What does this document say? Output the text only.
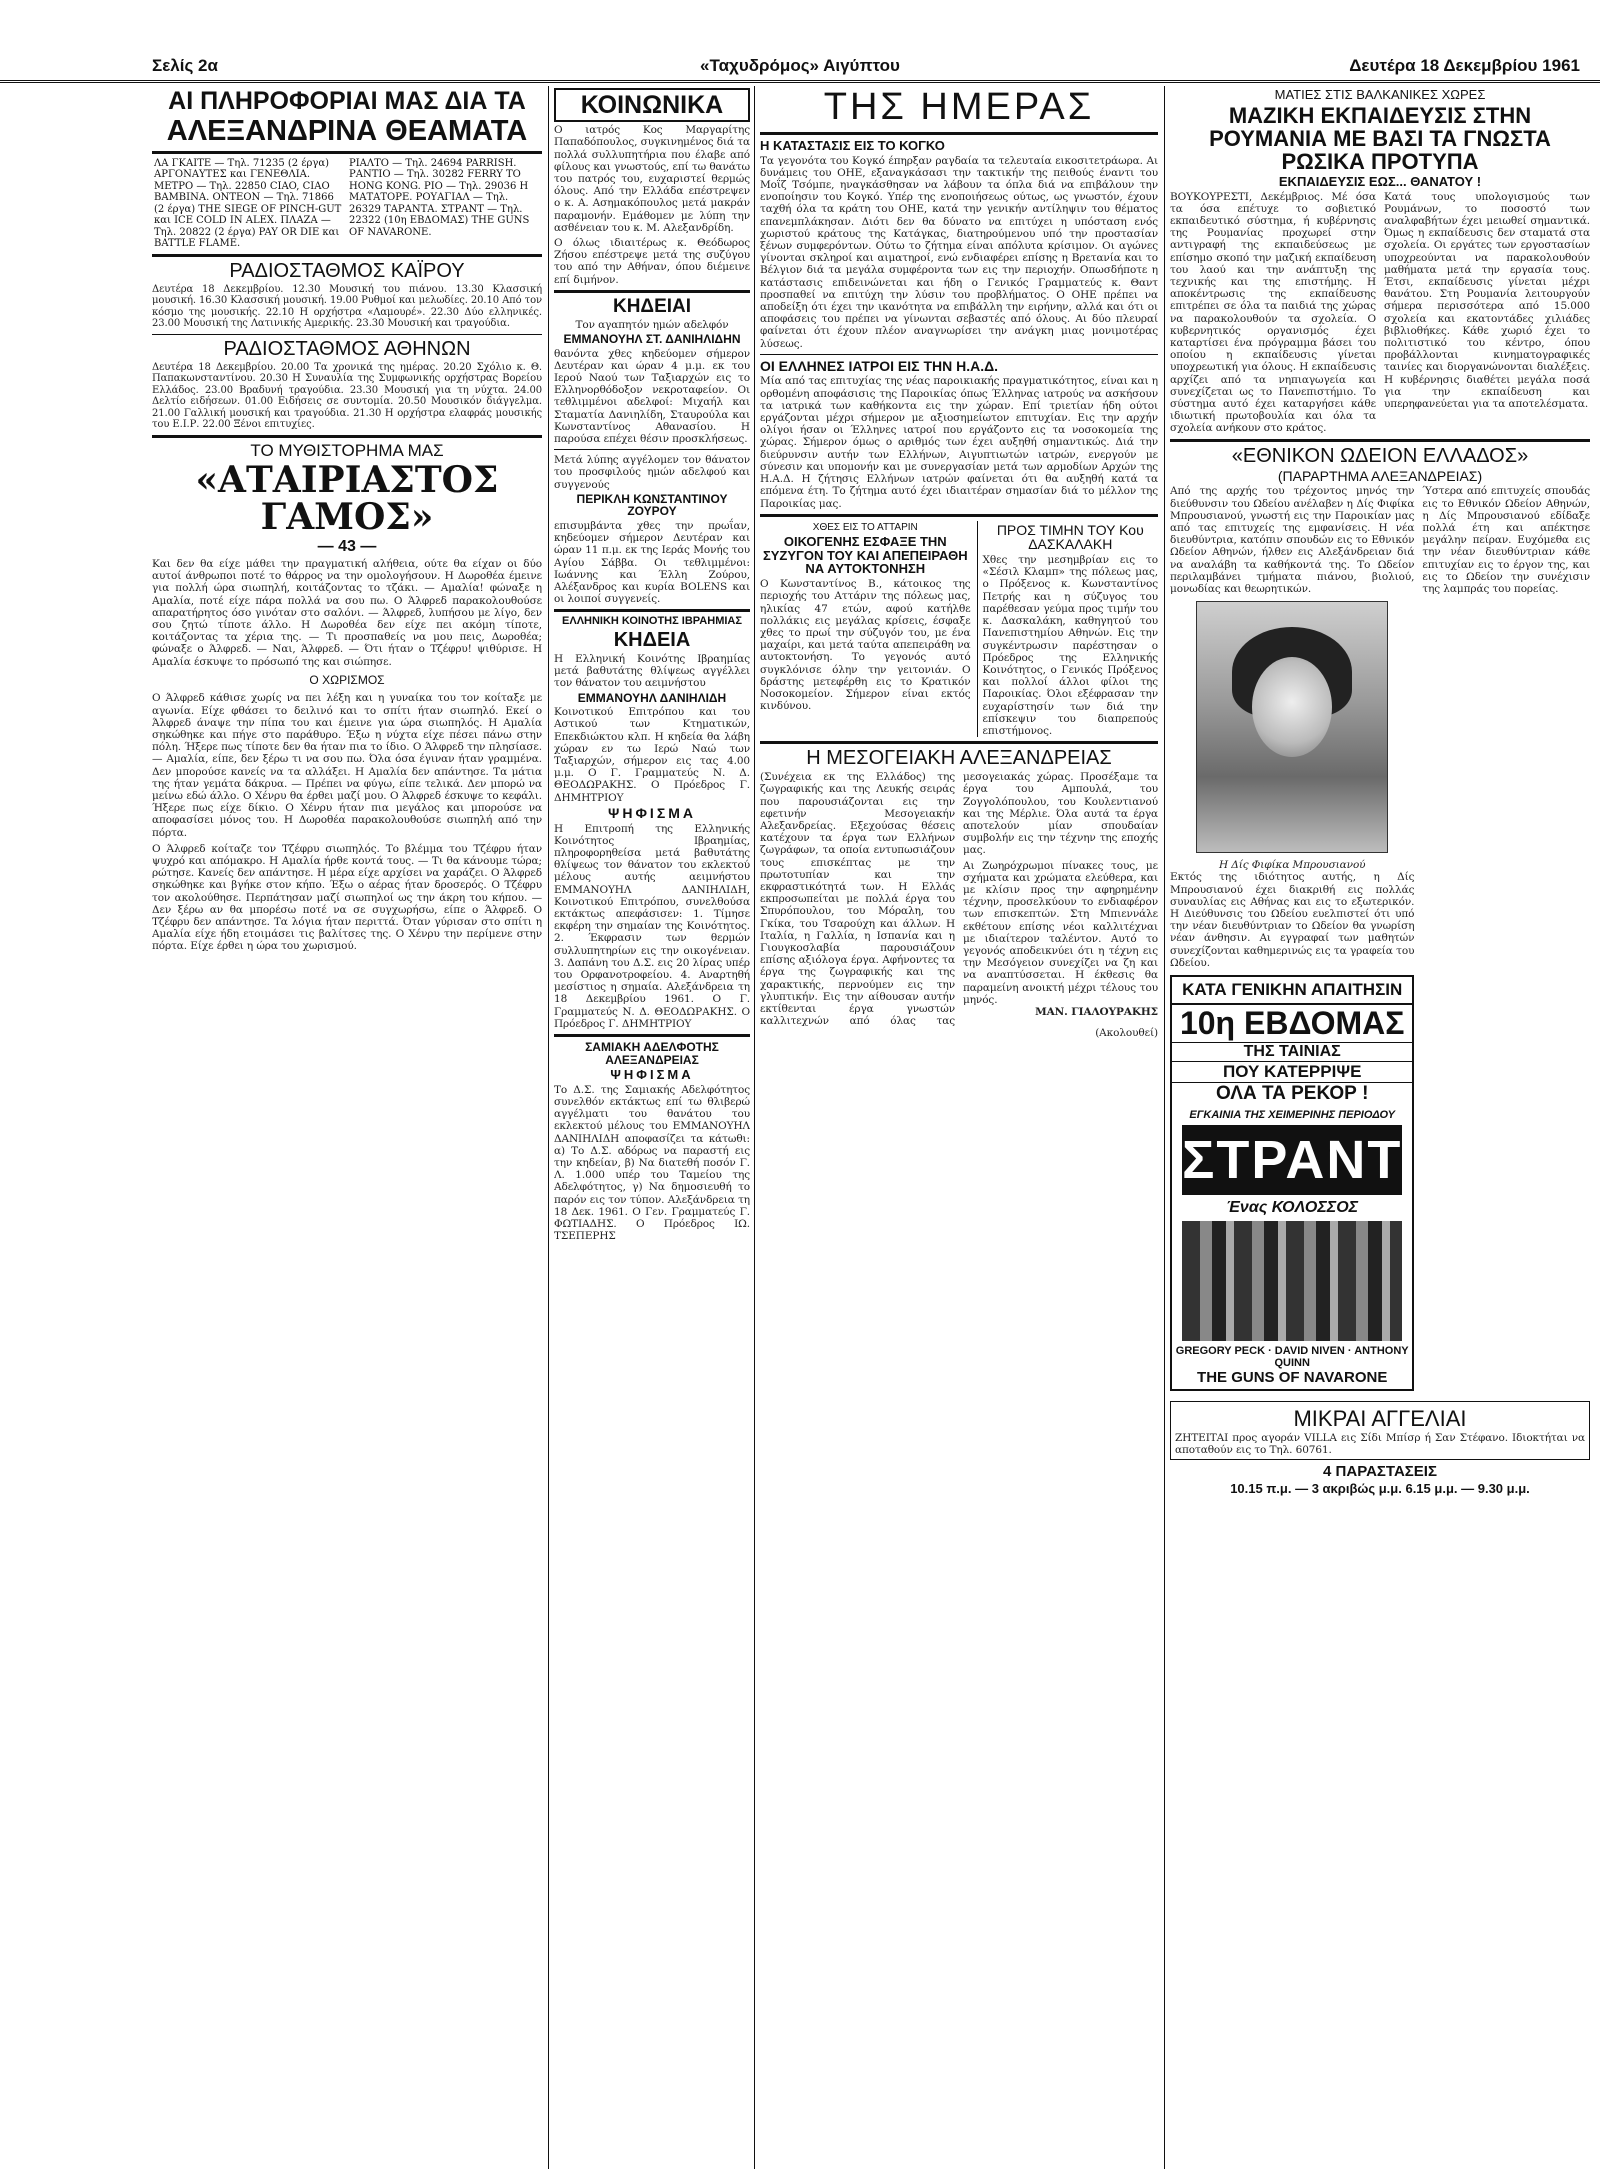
Σελίς 2α	«Ταχυδρόμος» Αιγύπτου	Δευτέρα 18 Δεκεμβρίου 1961
ΑΙ ΠΛΗΡΟΦΟΡΙΑΙ ΜΑΣ ΔΙΑ ΤΑ
ΑΛΕΞΑΝΔΡΙΝΑ ΘΕΑΜΑΤΑ
ΛΑ ΓΚΑΙΤΕ — Τηλ. 71235 (2 έργα) ΑΡΓΟΝΑΥΤΕΣ και ΓΕΝΕΘΛΙΑ. ΜΕΤΡΟ — Τηλ. 22850 CIAO, CIAO BAMBINA. ΟΝΤΕΟΝ — Τηλ. 71866 (2 έργα) THE SIEGE OF PINCH-GUT και ICE COLD IN ALEX. ΠΛΑΖΑ — Τηλ. 20822 (2 έργα) PAY OR DIE και BATTLE FLAME.	ΡΙΑΛΤΟ — Τηλ. 24694 PARRISH. ΡΑΝΤΙΟ — Τηλ. 30282 FERRY TO HONG KONG. ΡΙΟ — Τηλ. 29036 Η ΜΑΤΑΤΟΡΕ. ΡΟΥΑΓΙΑΛ — Τηλ. 26329 ΤΑΡΑΝΤΑ. ΣΤΡΑΝΤ — Τηλ. 22322 (10η ΕΒΔΟΜΑΣ) THE GUNS OF NAVARONE.
ΡΑΔΙΟΣΤΑΘΜΟΣ ΚΑΪΡΟΥ

Δευτέρα 18 Δεκεμβρίου. 12.30 Μουσική του πιάνου. 13.30 Κλασσική μουσική. 16.30 Κλασσική μουσική. 19.00 Ρυθμοί και μελωδίες. 20.10 Από τον κόσμο της μουσικής. 22.10 Η ορχήστρα «Λαμουρέ». 22.30 Δύο ελληνικές. 23.00 Μουσική της Λατινικής Αμερικής. 23.30 Μουσική και τραγούδια.

ΡΑΔΙΟΣΤΑΘΜΟΣ ΑΘΗΝΩΝ

Δευτέρα 18 Δεκεμβρίου. 20.00 Τα χρονικά της ημέρας. 20.20 Σχόλιο κ. Θ. Παπακωνσταντίνου. 20.30 Η Συναυλία της Συμφωνικής ορχήστρας Βορείου Ελλάδος. 23.00 Βραδυνή τραγούδια. 23.30 Μουσική για τη νύχτα. 24.00 Δελτίο ειδήσεων. 01.00 Ειδήσεις σε συντομία. 20.50 Μουσικόν διάγγελμα. 21.00 Γαλλική μουσική και τραγούδια. 21.30 Η ορχήστρα ελαφράς μουσικής του Ε.Ι.Ρ. 22.00 Ξένοι επιτυχίες.

ΤΟ ΜΥΘΙΣΤΟΡΗΜΑ ΜΑΣ
«ΑΤΑΙΡΙΑΣΤΟΣ ΓΑΜΟΣ»
— 43 —

Και δεν θα είχε μάθει την πραγματική αλήθεια, ούτε θα είχαν οι δύο αυτοί άνθρωποι ποτέ το θάρρος να την ομολογήσουν. Η Δωροθέα έμεινε για πολλή ώρα σιωπηλή, κοιτάζοντας το τζάκι. — Αμαλία! φώναξε η Αμαλία, ποτέ είχε πάρα πολλά να σου πω. Ο Άλφρεδ παρακολουθούσε απαρατήρητος όσο γινόταν στο σαλόνι. — Άλφρεδ, λυπήσου με λίγο, δεν σου ζητώ τίποτε άλλο. Η Δωροθέα δεν είχε πει ακόμη τίποτε, κοιτάζοντας τα χέρια της. — Τι προσπαθείς να μου πεις, Δωροθέα; φώναξε ο Άλφρεδ. — Ναι, Άλφρεδ. — Ότι ήταν ο Τζέφρυ! ψιθύρισε. Η Αμαλία έσκυψε το πρόσωπό της και σιώπησε.

Ο ΧΩΡΙΣΜΟΣ

Ο Άλφρεδ κάθισε χωρίς να πει λέξη και η γυναίκα του τον κοίταξε με αγωνία. Είχε φθάσει το δειλινό και το σπίτι ήταν σιωπηλό. Εκεί ο Άλφρεδ άναψε την πίπα του και έμεινε για ώρα σιωπηλός. Η Αμαλία σηκώθηκε και πήγε στο παράθυρο. Έξω η νύχτα είχε πέσει πάνω στην πόλη. Ήξερε πως τίποτε δεν θα ήταν πια το ίδιο. Ο Άλφρεδ την πλησίασε. — Αμαλία, είπε, δεν ξέρω τι να σου πω. Όλα όσα έγιναν ήταν γραμμένα. Δεν μπορούσε κανείς να τα αλλάξει. Η Αμαλία δεν απάντησε. Τα μάτια της ήταν γεμάτα δάκρυα. — Πρέπει να φύγω, είπε τελικά. Δεν μπορώ να μείνω εδώ άλλο. Ο Χένρυ θα έρθει μαζί μου. Ο Άλφρεδ έσκυψε το κεφάλι. Ήξερε πως είχε δίκιο. Ο Χένρυ ήταν πια μεγάλος και μπορούσε να αποφασίσει μόνος του. Η Δωροθέα παρακολουθούσε σιωπηλή από την πόρτα.

Ο Άλφρεδ κοίταζε τον Τζέφρυ σιωπηλός. Το βλέμμα του Τζέφρυ ήταν ψυχρό και απόμακρο. Η Αμαλία ήρθε κοντά τους. — Τι θα κάνουμε τώρα; ρώτησε. Κανείς δεν απάντησε. Η μέρα είχε αρχίσει να χαράζει. Ο Άλφρεδ σηκώθηκε και βγήκε στον κήπο. Έξω ο αέρας ήταν δροσερός. Ο Τζέφρυ τον ακολούθησε. Περπάτησαν μαζί σιωπηλοί ως την άκρη του κήπου. — Δεν ξέρω αν θα μπορέσω ποτέ να σε συγχωρήσω, είπε ο Άλφρεδ. Ο Τζέφρυ δεν απάντησε. Τα λόγια ήταν περιττά. Όταν γύρισαν στο σπίτι η Αμαλία είχε ήδη ετοιμάσει τις βαλίτσες της. Ο Χένρυ την περίμενε στην πόρτα. Είχε έρθει η ώρα του χωρισμού.

ΚΟΙΝΩΝΙΚΑ

Ο ιατρός Κος Μαργαρίτης Παπαδόπουλος, συγκινημένος διά τα πολλά συλλυπητήρια που έλαβε από φίλους και γνωστούς, επί τω θανάτω του πατρός του, ευχαριστεί θερμώς όλους. Από την Ελλάδα επέστρεψεν ο κ. Α. Ασημακόπουλος μετά μακράν παραμονήν. Εμάθομεν με λύπη την ασθένειαν του κ. Μ. Αλεξανδρίδη.

Ο όλως ιδιαιτέρως κ. Θεόδωρος Ζήσου επέστρεψε μετά της συζύγου του από την Αθήναν, όπου διέμεινε επί διμήνον.

ΚΗΔΕΙΑΙ

Τον αγαπητόν ημών αδελφόν

ΕΜΜΑΝΟΥΗΛ ΣΤ. ΔΑΝΙΗΛΙΔΗΝ

θανόντα χθες κηδεύομεν σήμερον Δευτέραν και ώραν 4 μ.μ. εκ του Ιερού Ναού των Ταξιαρχών εις το Ελληνορθόδοξον νεκροταφείον. Οι τεθλιμμένοι αδελφοί: Μιχαήλ και Σταματία Δανιηλίδη, Σταυρούλα και Κωνσταντίνος Αθανασίου. Η παρούσα επέχει θέσιν προσκλήσεως.

Μετά λύπης αγγέλομεν τον θάνατον του προσφιλούς ημών αδελφού και συγγενούς

ΠΕΡΙΚΛΗ ΚΩΝΣΤΑΝΤΙΝΟΥ ΖΟΥΡΟΥ

επισυμβάντα χθες την πρωΐαν, κηδεύομεν σήμερον Δευτέραν και ώραν 11 π.μ. εκ της Ιεράς Μονής του Αγίου Σάββα. Οι τεθλιμμένοι: Ιωάννης και Έλλη Ζούρου, Αλέξανδρος και κυρία BOLENS και οι λοιποί συγγενείς.

ΕΛΛΗΝΙΚΗ ΚΟΙΝΟΤΗΣ ΙΒΡΑΗΜΙΑΣ
ΚΗΔΕΙΑ

Η Ελληνική Κοινότης Ιβραημίας μετά βαθυτάτης θλίψεως αγγέλλει τον θάνατον του αειμνήστου

ΕΜΜΑΝΟΥΗΛ ΔΑΝΙΗΛΙΔΗ

Κοινοτικού Επιτρόπου και του Αστικού των Κτηματικών, Επεκδιώκτου κλπ. Η κηδεία θα λάβη χώραν εν τω Ιερώ Ναώ των Ταξιαρχών, σήμερον εις τας 4.00 μ.μ. Ο Γ. Γραμματεύς Ν. Δ. ΘΕΟΔΩΡΑΚΗΣ. Ο Πρόεδρος Γ. ΔΗΜΗΤΡΙΟΥ

ΨΗΦΙΣΜΑ

Η Επιτροπή της Ελληνικής Κοινότητος Ιβραημίας, πληροφορηθείσα μετά βαθυτάτης θλίψεως τον θάνατον του εκλεκτού μέλους αυτής αειμνήστου ΕΜΜΑΝΟΥΗΛ ΔΑΝΙΗΛΙΔΗ, Κοινοτικού Επιτρόπου, συνελθούσα εκτάκτως απεφάσισεν: 1. Τίμησε εκφέρη την σημαίαν της Κοινότητος. 2. Έκφρασιν των θερμών συλλυπητηρίων εις την οικογένειαν. 3. Δαπάνη του Δ.Σ. εις 20 λίρας υπέρ του Ορφανοτροφείου. 4. Αναρτηθή μεσίστιος η σημαία. Αλεξάνδρεια τη 18 Δεκεμβρίου 1961. Ο Γ. Γραμματεύς Ν. Δ. ΘΕΟΔΩΡΑΚΗΣ. Ο Πρόεδρος Γ. ΔΗΜΗΤΡΙΟΥ

ΣΑΜΙΑΚΗ ΑΔΕΛΦΟΤΗΣ ΑΛΕΞΑΝΔΡΕΙΑΣ
ΨΗΦΙΣΜΑ

Το Δ.Σ. της Σαμιακής Αδελφότητος συνελθόν εκτάκτως επί τω θλιβερώ αγγέλματι του θανάτου του εκλεκτού μέλους του ΕΜΜΑΝΟΥΗΛ ΔΑΝΙΗΛΙΔΗ αποφασίζει τα κάτωθι: α) Το Δ.Σ. αδόρως να παραστή εις την κηδείαν, β) Να διατεθή ποσόν Γ. Λ. 1.000 υπέρ του Ταμείου της Αδελφότητος, γ) Να δημοσιευθή το παρόν εις τον τύπον. Αλεξάνδρεια τη 18 Δεκ. 1961. Ο Γεν. Γραμματεύς Γ. ΦΩΤΙΑΔΗΣ. Ο Πρόεδρος ΙΩ. ΤΣΕΠΕΡΗΣ

ΤΗΣ ΗΜΕΡΑΣ
Η ΚΑΤΑΣΤΑΣΙΣ ΕΙΣ ΤΟ ΚΟΓΚΟ

Τα γεγονότα του Κογκό έπηρξαν ραγδαία τα τελευταία εικοσιτετράωρα. Αι δυνάμεις του ΟΗΕ, εξαναγκάσασι την τακτικήν της πειθούς έναντι του Μοΐζ Τσόμπε, ηναγκάσθησαν να λάβουν τα όπλα διά να επιβάλουν την ενοποίησιν του Κογκό. Υπέρ της ενοποιήσεως ούτως, ως γνωστόν, έχουν ταχθή όλα τα κράτη του ΟΗΕ, κατά την γενικήν αντίληψιν του θέματος επανεμπλάκησαν. Διότι δεν θα δύνατο να επιτύχει η υπόσταση ενός χωριστού κράτους της Κατάγκας, διατηρούμενου υπό την προστασίαν ξένων συμφερόντων. Ούτω το ζήτημα είναι απόλυτα κρίσιμον. Οι αγώνες γίνονται σκληροί και αιματηροί, ενώ ενδιαφέρει επίσης η Βρετανία και το Βέλγιον διά τα μεγάλα συμφέροντα των εις την περιοχήν. Οπωσδήποτε η κατάστασις επιδεινώνεται και ήδη ο Γενικός Γραμματεύς κ. Θαντ προσπαθεί να επιτύχη την λύσιν του προβλήματος. Ο ΟΗΕ πρέπει να αποδείξη ότι έχει την ικανότητα να επιβάλλη την ειρήνην, αλλά και ότι οι αποφάσεις του πρέπει να γίνωνται σεβαστές από όλους. Αι δύο πλευραί φαίνεται ότι έχουν πλέον αναγνωρίσει την ανάγκη μιας μονιμοτέρας λύσεως.

ΟΙ ΕΛΛΗΝΕΣ ΙΑΤΡΟΙ ΕΙΣ ΤΗΝ Η.Α.Δ.

Μία από τας επιτυχίας της νέας παροικιακής πραγματικότητος, είναι και η ορθομένη αποφάσισις της Παροικίας όπως Έλληνας ιατρούς να ασκήσουν τα ιατρικά των καθήκοντα εις την χώραν. Επί τριετίαν ήδη ούτοι εργάζονται μέχρι σήμερον με αξιοσημείωτον επιτυχίαν. Εις την αρχήν ολίγοι ήσαν οι Έλληνες ιατροί που εργάζοντο εις τα νοσοκομεία της χώρας. Σήμερον όμως ο αριθμός των έχει αυξηθή σημαντικώς. Διά την διεύρυνσιν αυτήν των Ελλήνων, Αιγυπτιωτών ιατρών, ενεργούν με σύνεσιν και υπομονήν και με συνεργασίαν μετά των αρμοδίων Αρχών της Η.Α.Δ. Η ζήτησις Ελλήνων ιατρών φαίνεται ότι θα αυξηθή κατά τα επόμενα έτη. Το ζήτημα αυτό έχει ιδιαιτέραν σημασίαν διά το μέλλον της Παροικίας μας.

ΧΘΕΣ ΕΙΣ ΤΟ ΑΤΤΑΡΙΝ
ΟΙΚΟΓΕΝΗΣ ΕΣΦΑΞΕ ΤΗΝ ΣΥΖΥΓΟΝ ΤΟΥ ΚΑΙ ΑΠΕΠΕΙΡΑΘΗ ΝΑ ΑΥΤΟΚΤΟΝΗΣΗ

Ο Κωνσταντίνος Β., κάτοικος της περιοχής του Αττάριν της πόλεως μας, ηλικίας 47 ετών, αφού κατήλθε πολλάκις εις μεγάλας κρίσεις, έσφαξε χθες το πρωί την σύζυγόν του, με ένα μαχαίρι, και μετά ταύτα απεπειράθη να αυτοκτονήση. Το γεγονός αυτό συγκλόνισε όλην την γειτονιάν. Ο δράστης μετεφέρθη εις το Κρατικόν Νοσοκομείον. Σήμερον είναι εκτός κινδύνου.

ΠΡΟΣ ΤΙΜΗΝ ΤΟΥ Κου ΔΑΣΚΑΛΑΚΗ

Χθες την μεσημβρίαν εις το «Σέσιλ Κλαμπ» της πόλεως μας, ο Πρόξενος κ. Κωνσταντίνος Πετρής και η σύζυγος του παρέθεσαν γεύμα προς τιμήν του κ. Δασκαλάκη, καθηγητού του Πανεπιστημίου Αθηνών. Εις την συγκέντρωσιν παρέστησαν ο Πρόεδρος της Ελληνικής Κοινότητος, ο Γενικός Πρόξενος και πολλοί άλλοι φίλοι της Παροικίας. Όλοι εξέφρασαν την ευχαρίστησίν των διά την επίσκεψιν του διαπρεπούς επιστήμονος.

Η ΜΕΣΟΓΕΙΑΚΗ ΑΛΕΞΑΝΔΡΕΙΑΣ

(Συνέχεια εκ της Ελλάδος) της ζωγραφικής και της Λευκής σειράς που παρουσιάζονται εις την εφετινήν Μεσογειακήν Αλεξανδρείας. Εξεχούσας θέσεις κατέχουν τα έργα των Ελλήνων ζωγράφων, τα οποία εντυπωσιάζουν τους επισκέπτας με την πρωτοτυπίαν και την εκφραστικότητά των. Η Ελλάς εκπροσωπείται με πολλά έργα του Σπυρόπουλου, του Μόραλη, του Γκίκα, του Τσαρούχη και άλλων. Η Ιταλία, η Γαλλία, η Ισπανία και η Γιουγκοσλαβία παρουσιάζουν επίσης αξιόλογα έργα. Αφήνοντες τα έργα της ζωγραφικής και της χαρακτικής, περνούμεν εις την γλυπτικήν. Εις την αίθουσαν αυτήν εκτίθενται έργα γνωστών καλλιτεχνών από όλας τας μεσογειακάς χώρας. Προσέξαμε τα έργα του Αμπουλά, του Ζογγολόπουλου, του Κουλεντιανού και της Μέρλιε. Όλα αυτά τα έργα αποτελούν μίαν σπουδαίαν συμβολήν εις την τέχνην της εποχής μας.

Αι Ζωηρόχρωμοι πίνακες τους, με σχήματα και χρώματα ελεύθερα, και με κλίσιν προς την αφηρημένην τέχνην, προσελκύουν το ενδιαφέρον των επισκεπτών. Στη Μπιεννάλε εκθέτουν επίσης νέοι καλλιτέχναι με ιδιαίτερον ταλέντον. Αυτό το γεγονός αποδεικνύει ότι η τέχνη εις την Μεσόγειον συνεχίζει να ζη και να αναπτύσσεται. Η έκθεσις θα παραμείνη ανοικτή μέχρι τέλους του μηνός.

ΜΑΝ. ΓΙΑΛΟΥΡΑΚΗΣ

(Ακολουθεί)

ΜΑΤΙΕΣ ΣΤΙΣ ΒΑΛΚΑΝΙΚΕΣ ΧΩΡΕΣ
ΜΑΖΙΚΗ ΕΚΠΑΙΔΕΥΣΙΣ ΣΤΗΝ ΡΟΥΜΑΝΙΑ ΜΕ ΒΑΣΙ ΤΑ ΓΝΩΣΤΑ ΡΩΣΙΚΑ ΠΡΟΤΥΠΑ
ΕΚΠΑΙΔΕΥΣΙΣ ΕΩΣ... ΘΑΝΑΤΟΥ !

ΒΟΥΚΟΥΡΕΣΤΙ, Δεκέμβριος. Μέ όσα τα όσα επέτυχε το σοβιετικό εκπαιδευτικό σύστημα, ή κυβέρνησις της Ρουμανίας προχωρεί στην αντιγραφή της εκπαιδεύσεως με επίσημο σκοπό την μαζική εκπαίδευση του λαού και την ανάπτυξη της τεχνικής και της επιστήμης. Η αποκέντρωσις της εκπαίδευσης επιτρέπει σε όλα τα παιδιά της χώρας να παρακολουθούν τα σχολεία. Ο κυβερνητικός οργανισμός έχει καταρτίσει ένα πρόγραμμα βάσει του οποίου η εκπαίδευσις γίνεται υποχρεωτική για όλους. Η εκπαίδευσις αρχίζει από τα νηπιαγωγεία και συνεχίζεται ως το Πανεπιστήμιο. Το σύστημα αυτό έχει καταργήσει κάθε ιδιωτική πρωτοβουλία και όλα τα σχολεία ανήκουν στο κράτος.

Κατά τους υπολογισμούς των Ρουμάνων, το ποσοστό των αναλφαβήτων έχει μειωθεί σημαντικά. Όμως η εκπαίδευσις δεν σταματά στα σχολεία. Οι εργάτες των εργοστασίων υποχρεούνται να παρακολουθούν μαθήματα μετά την εργασία τους. Έτσι, εκπαίδευσις γίνεται μέχρι θανάτου. Στη Ρουμανία λειτουργούν σήμερα περισσότερα από 15.000 σχολεία και εκατοντάδες χιλιάδες βιβλιοθήκες. Κάθε χωριό έχει το πολιτιστικό του κέντρο, όπου προβάλλονται κινηματογραφικές ταινίες και διοργανώνονται διαλέξεις. Η κυβέρνησις διαθέτει μεγάλα ποσά για την εκπαίδευση και υπερηφανεύεται για τα αποτελέσματα.

«ΕΘΝΙΚΟΝ ΩΔΕΙΟΝ ΕΛΛΑΔΟΣ»
(ΠΑΡΑΡΤΗΜΑ ΑΛΕΞΑΝΔΡΕΙΑΣ)

Από της αρχής του τρέχοντος μηνός την διεύθυνσιν του Ωδείου ανέλαβεν η Δίς Φιφίκα Μπρουσιανού, γνωστή εις την Παροικίαν μας από τας επιτυχείς της εμφανίσεις. Η νέα διευθύντρια, κατόπιν σπουδών εις το Εθνικόν Ωδείον Αθηνών, ήλθεν εις Αλεξάνδρειαν διά να αναλάβη τα καθήκοντά της. Το Ωδείον περιλαμβάνει τμήματα πιάνου, βιολιού, μονωδίας και θεωρητικών.

Η Δίς Φιφίκα Μπρουσιανού

Εκτός της ιδιότητος αυτής, η Δίς Μπρουσιανού έχει διακριθή εις πολλάς συναυλίας εις Αθήνας και εις το εξωτερικόν. Η Διεύθυνσις του Ωδείου ευελπιστεί ότι υπό την νέαν διευθύντριαν το Ωδείον θα γνωρίση νέαν άνθησιν. Αι εγγραφαί των μαθητών συνεχίζονται καθημερινώς εις τα γραφεία του Ωδείου.

ΚΑΤΑ ΓΕΝΙΚΗΝ ΑΠΑΙΤΗΣΙΝ
10η ΕΒΔΟΜΑΣ
ΤΗΣ ΤΑΙΝΙΑΣ
ΠΟΥ ΚΑΤΕΡΡΙΨΕ
ΟΛΑ ΤΑ ΡΕΚΟΡ !
ΕΓΚΑΙΝΙΑ ΤΗΣ ΧΕΙΜΕΡΙΝΗΣ ΠΕΡΙΟΔΟΥ
ΣΤΡΑΝΤ
Ένας ΚΟΛΟΣΣΟΣ
GREGORY PECK · DAVID NIVEN · ANTHONY QUINN
THE GUNS OF NAVARONE

Ύστερα από επιτυχείς σπουδάς εις το Εθνικόν Ωδείον Αθηνών, η Δίς Μπρουσιανού εδίδαξε πολλά έτη και απέκτησε μεγάλην πείραν. Ευχόμεθα εις την νέαν διευθύντριαν κάθε επιτυχίαν εις το έργον της, και εις το Ωδείον την συνέχισιν της λαμπράς του πορείας.

ΜΙΚΡΑΙ ΑΓΓΕΛΙΑΙ

ΖΗΤΕΙΤΑΙ προς αγοράν VILLA εις Σίδι Μπίσρ ή Σαν Στέφανο. Ιδιοκτήται να αποταθούν εις το Τηλ. 60761.

4 ΠΑΡΑΣΤΑΣΕΙΣ
10.15 π.μ. — 3 ακριβώς μ.μ. 6.15 μ.μ. — 9.30 μ.μ.
